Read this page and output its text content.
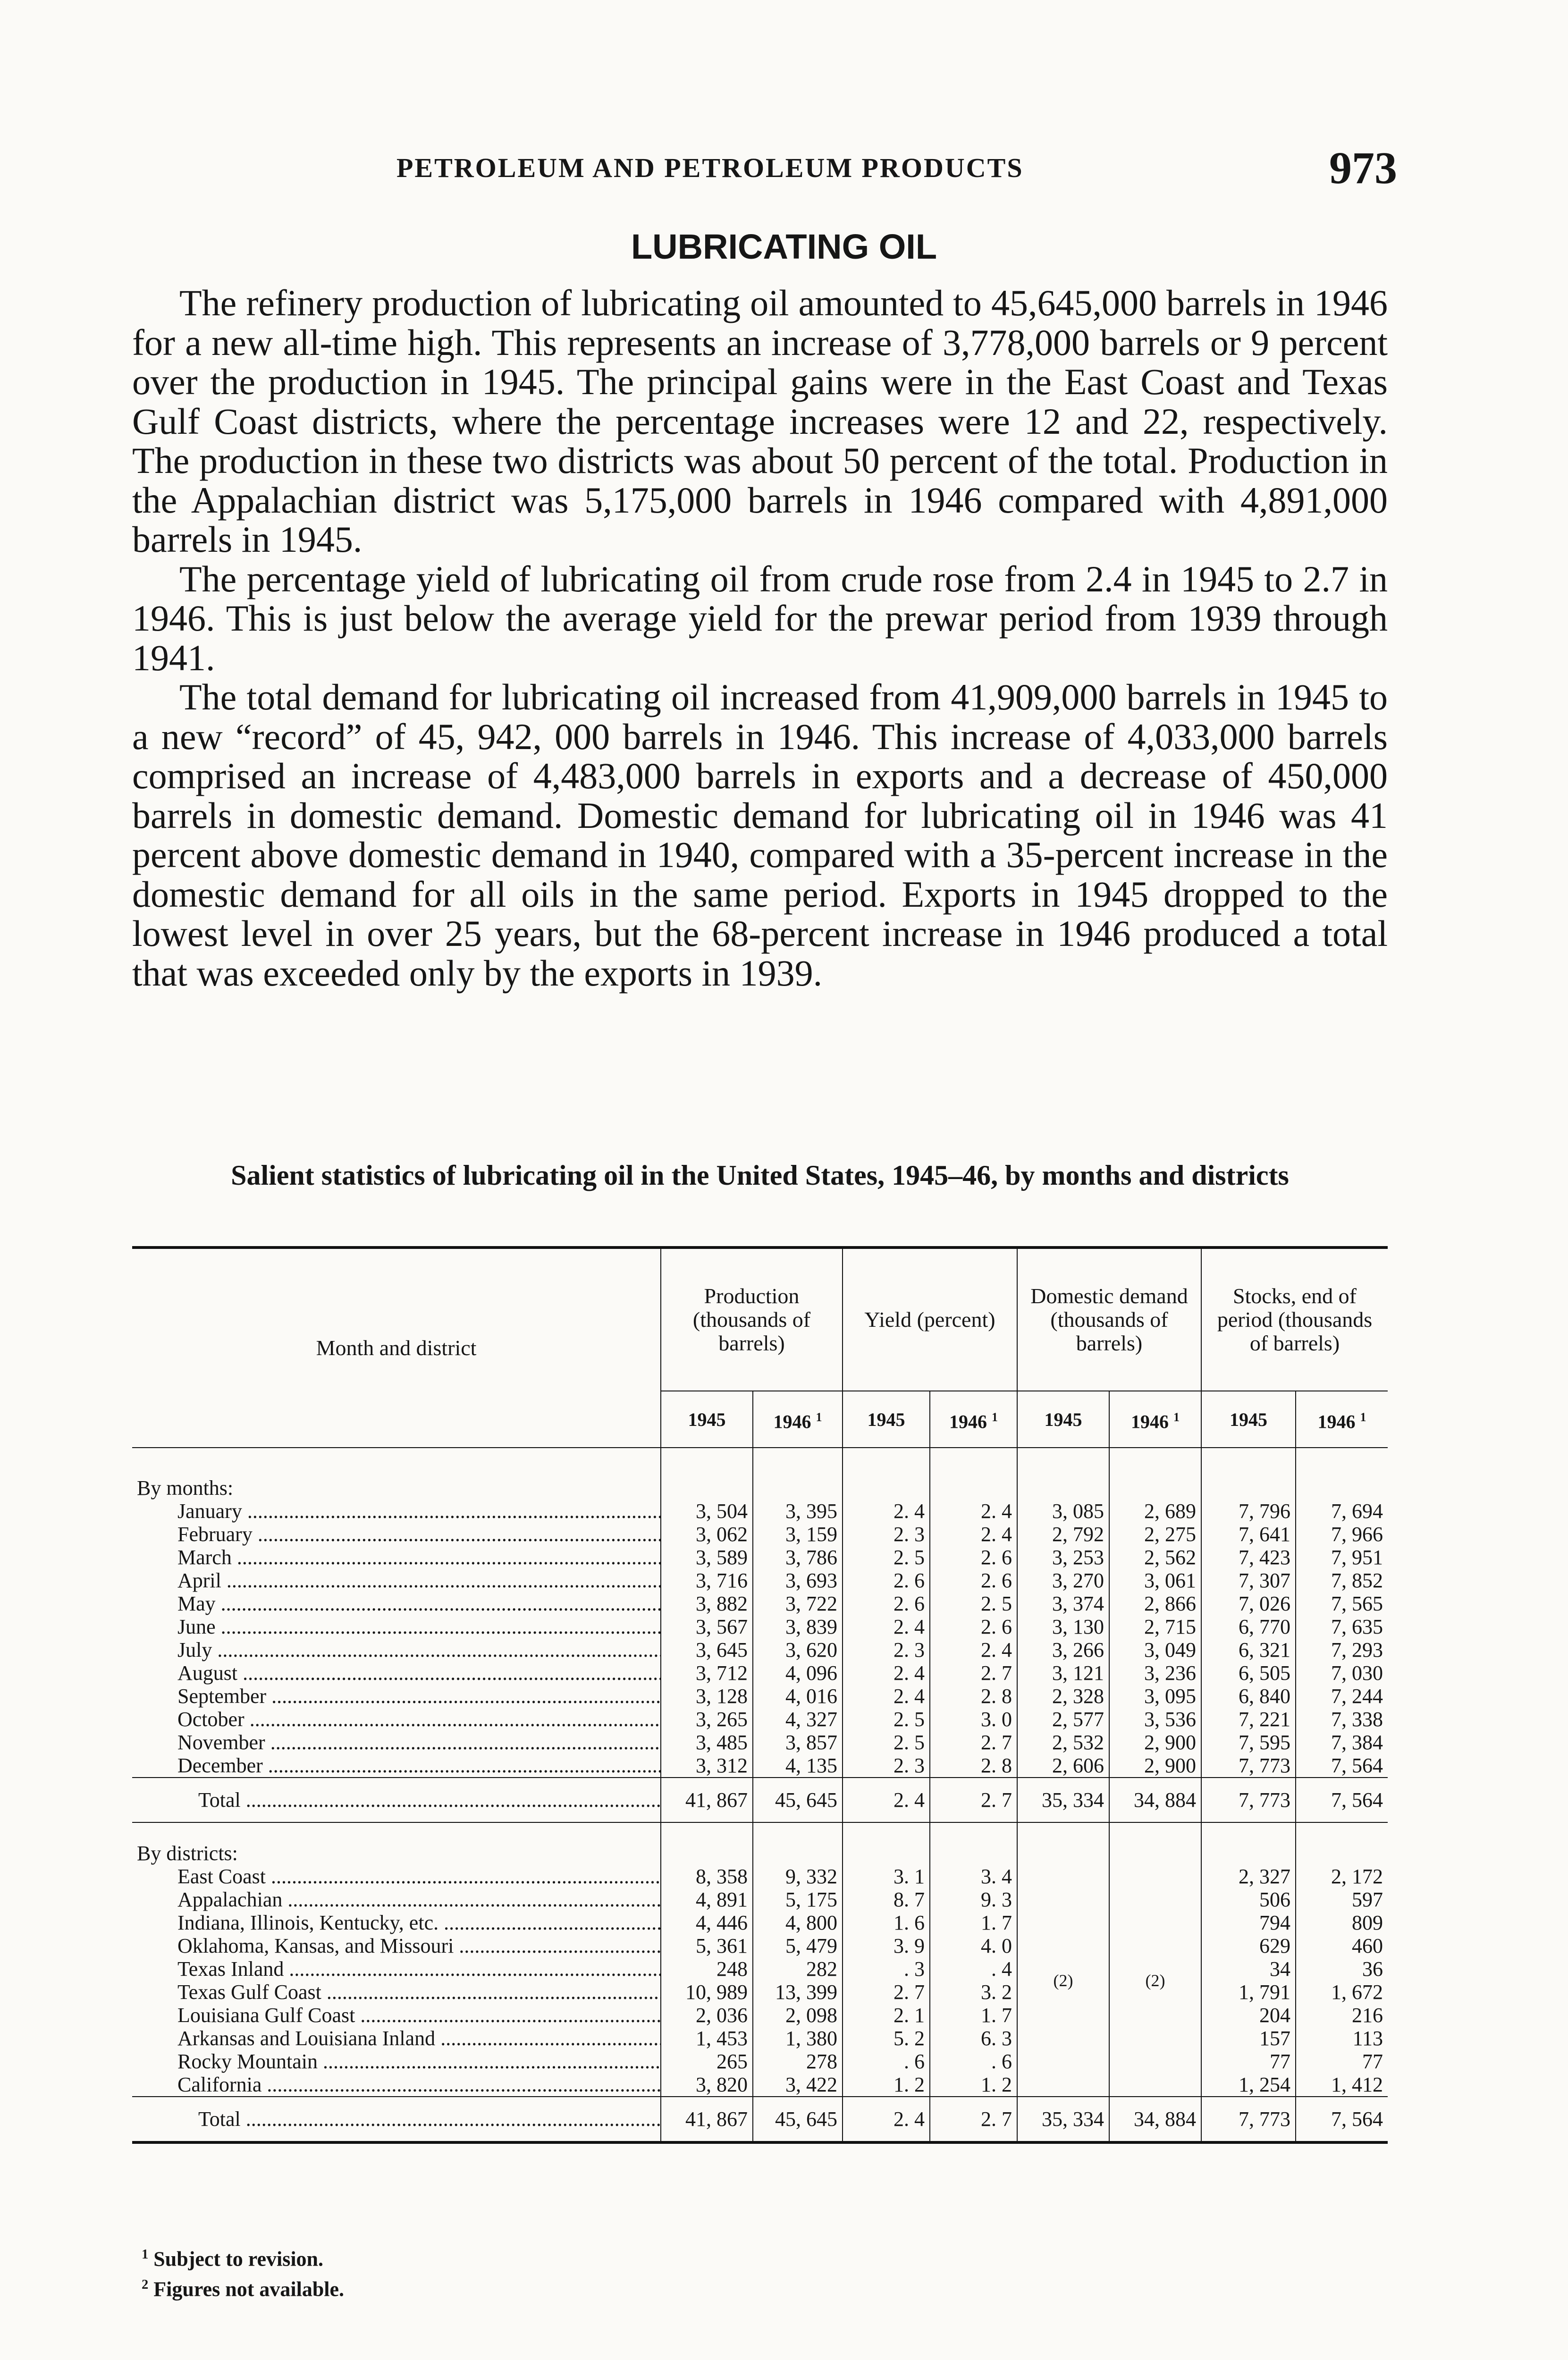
PETROLEUM AND PETROLEUM PRODUCTS	973
LUBRICATING OIL

The refinery production of lubricating oil amounted to 45,645,000 barrels in 1946 for a new all-time high. This represents an increase of 3,778,000 barrels or 9 percent over the production in 1945. The principal gains were in the East Coast and Texas Gulf Coast districts, where the percentage increases were 12 and 22, respectively. The production in these two districts was about 50 percent of the total. Production in the Appalachian district was 5,175,000 barrels in 1946 compared with 4,891,000 barrels in 1945.

The percentage yield of lubricating oil from crude rose from 2.4 in 1945 to 2.7 in 1946. This is just below the average yield for the prewar period from 1939 through 1941.

The total demand for lubricating oil increased from 41,909,000 barrels in 1945 to a new “record” of 45, 942, 000 barrels in 1946. This increase of 4,033,000 barrels comprised an increase of 4,483,000 barrels in exports and a decrease of 450,000 barrels in domestic demand. Domestic demand for lubricating oil in 1946 was 41 percent above domestic demand in 1940, compared with a 35-percent increase in the domestic demand for all oils in the same period. Exports in 1945 dropped to the lowest level in over 25 years, but the 68-percent increase in 1946 produced a total that was exceeded only by the exports in 1939.

Salient statistics of lubricating oil in the United States, 1945–46, by months and districts
Month and district	Production (thousands of barrels)		Yield (percent)		Domestic demand (thousands of barrels)		Stocks, end of period (thousands of barrels)	
	1945	1946 $^1$	1945	1946 $^1$	1945	1946 $^1$	1945	1946 $^1$

By months:								
January .....	3, 504	3, 395	2. 4	2. 4	3, 085	2, 689	7, 796	7, 694
February .....	3, 062	3, 159	2. 3	2. 4	2, 792	2, 275	7, 641	7, 966
March .....	3, 589	3, 786	2. 5	2. 6	3, 253	2, 562	7, 423	7, 951
April .....	3, 716	3, 693	2. 6	2. 6	3, 270	3, 061	7, 307	7, 852
May .....	3, 882	3, 722	2. 6	2. 5	3, 374	2, 866	7, 026	7, 565
June .....	3, 567	3, 839	2. 4	2. 6	3, 130	2, 715	6, 770	7, 635
July .....	3, 645	3, 620	2. 3	2. 4	3, 266	3, 049	6, 321	7, 293
August .....	3, 712	4, 096	2. 4	2. 7	3, 121	3, 236	6, 505	7, 030
September .....	3, 128	4, 016	2. 4	2. 8	2, 328	3, 095	6, 840	7, 244
October .....	3, 265	4, 327	2. 5	3. 0	2, 577	3, 536	7, 221	7, 338
November .....	3, 485	3, 857	2. 5	2. 7	2, 532	2, 900	7, 595	7, 384
December .....	3, 312	4, 135	2. 3	2. 8	2, 606	2, 900	7, 773	7, 564
Total .....	41, 867	45, 645	2. 4	2. 7	35, 334	34, 884	7, 773	7, 564

By districts:								
East Coast .....	8, 358	9, 332	3. 1	3. 4	(2)	(2)	2, 327	2, 172
Appalachian .....	4, 891	5, 175	8. 7	9. 3			506	597
Indiana, Illinois, Kentucky, etc. .....	4, 446	4, 800	1. 6	1. 7			794	809
Oklahoma, Kansas, and Missouri .....	5, 361	5, 479	3. 9	4. 0			629	460
Texas Inland .....	248	282	. 3	. 4			34	36
Texas Gulf Coast .....	10, 989	13, 399	2. 7	3. 2			1, 791	1, 672
Louisiana Gulf Coast .....	2, 036	2, 098	2. 1	1. 7			204	216
Arkansas and Louisiana Inland .....	1, 453	1, 380	5. 2	6. 3			157	113
Rocky Mountain .....	265	278	. 6	. 6			77	77
California .....	3, 820	3, 422	1. 2	1. 2			1, 254	1, 412
Total .....	41, 867	45, 645	2. 4	2. 7	35, 334	34, 884	7, 773	7, 564
$^1$ Subject to revision.
$^2$ Figures not available.
